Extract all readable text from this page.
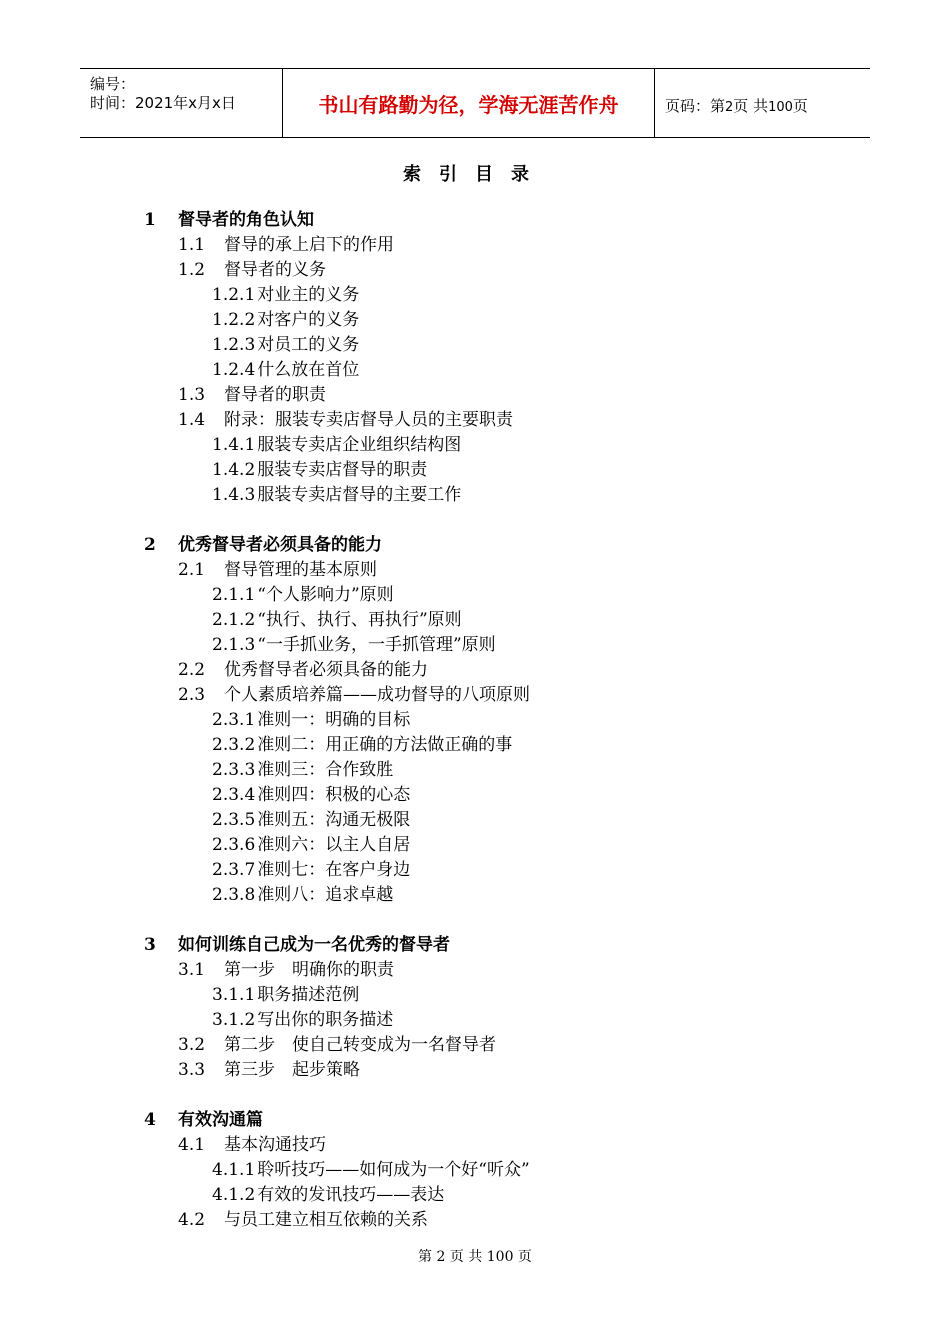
编号：
时间：2021年x月x日	书山有路勤为径，学海无涯苦作舟	页码：第2页 共100页
索引目录
1 督导者的角色认知
1.1 督导的承上启下的作用
1.2 督导者的义务
1.2.1 对业主的义务
1.2.2 对客户的义务
1.2.3 对员工的义务
1.2.4 什么放在首位
1.3 督导者的职责
1.4 附录：服装专卖店督导人员的主要职责
1.4.1 服装专卖店企业组织结构图
1.4.2 服装专卖店督导的职责
1.4.3 服装专卖店督导的主要工作
2 优秀督导者必须具备的能力
2.1 督导管理的基本原则
2.1.1 “个人影响力”原则
2.1.2 “执行、执行、再执行”原则
2.1.3 “一手抓业务，一手抓管理”原则
2.2 优秀督导者必须具备的能力
2.3 个人素质培养篇——成功督导的八项原则
2.3.1 准则一：明确的目标
2.3.2 准则二：用正确的方法做正确的事
2.3.3 准则三：合作致胜
2.3.4 准则四：积极的心态
2.3.5 准则五：沟通无极限
2.3.6 准则六：以主人自居
2.3.7 准则七：在客户身边
2.3.8 准则八：追求卓越
3 如何训练自己成为一名优秀的督导者
3.1 第一步　明确你的职责
3.1.1 职务描述范例
3.1.2 写出你的职务描述
3.2 第二步　使自己转变成为一名督导者
3.3 第三步　起步策略
4 有效沟通篇
4.1 基本沟通技巧
4.1.1 聆听技巧——如何成为一个好“听众”
4.1.2 有效的发讯技巧——表达
4.2 与员工建立相互依赖的关系
第 2 页 共 100 页
